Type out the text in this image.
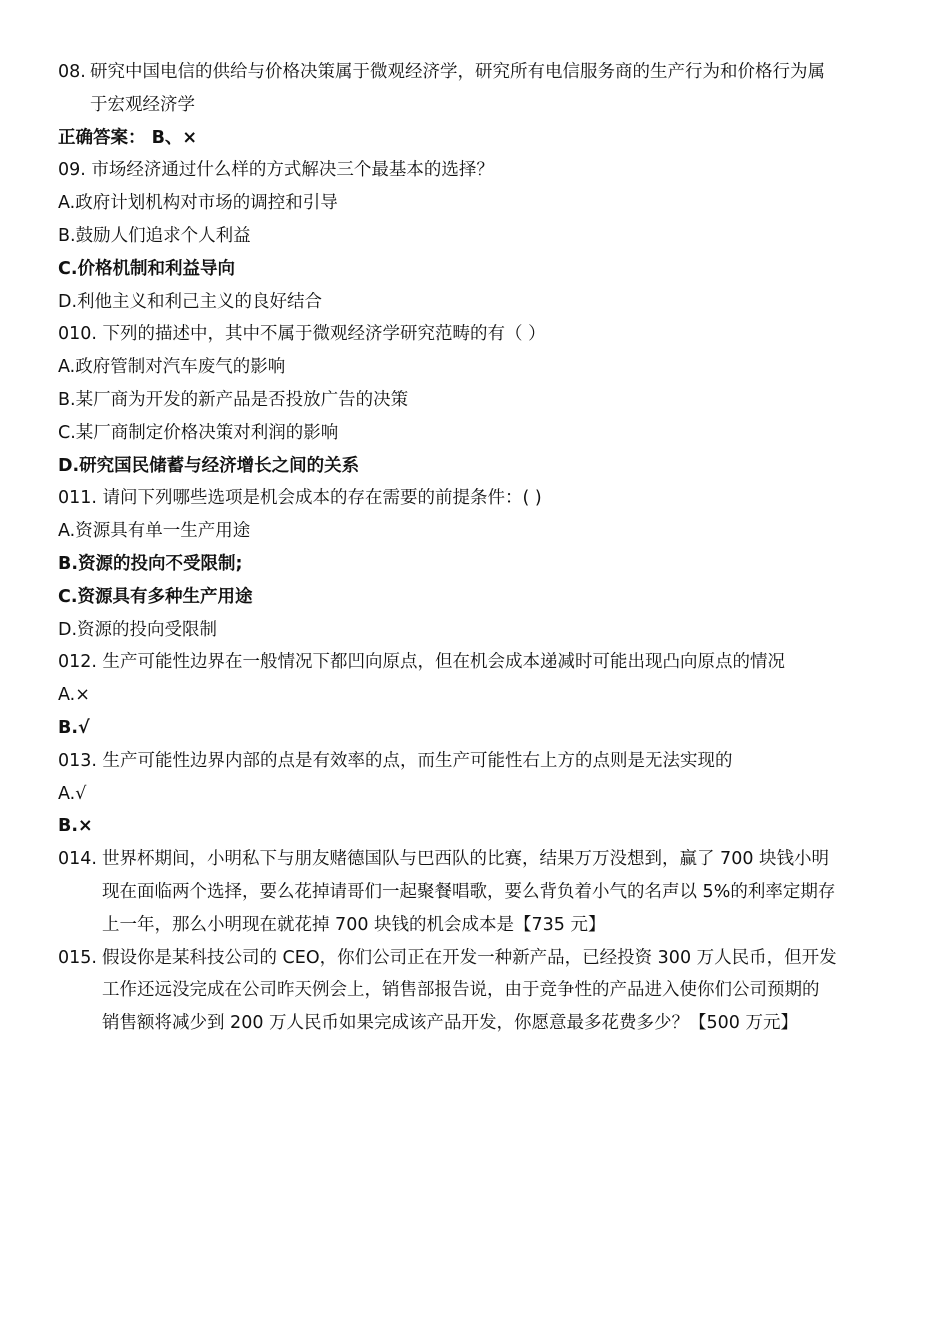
08. 研究中国电信的供给与价格决策属于微观经济学，研究所有电信服务商的生产行为和价格行为属
于宏观经济学
正确答案： B、×
09. 市场经济通过什么样的方式解决三个最基本的选择？
A.政府计划机构对市场的调控和引导
B.鼓励人们追求个人利益
C.价格机制和利益导向
D.利他主义和利己主义的良好结合
010. 下列的描述中，其中不属于微观经济学研究范畴的有（ ）
A.政府管制对汽车废气的影响
B.某厂商为开发的新产品是否投放广告的决策
C.某厂商制定价格决策对利润的影响
D.研究国民储蓄与经济增长之间的关系
011. 请问下列哪些选项是机会成本的存在需要的前提条件：( )
A.资源具有单一生产用途
B.资源的投向不受限制;
C.资源具有多种生产用途
D.资源的投向受限制
012. 生产可能性边界在一般情况下都凹向原点，但在机会成本递减时可能出现凸向原点的情况
A.×
B.√
013. 生产可能性边界内部的点是有效率的点，而生产可能性右上方的点则是无法实现的
A.√
B.×
014. 世界杯期间，小明私下与朋友赌德国队与巴西队的比赛，结果万万没想到，赢了 700 块钱小明
现在面临两个选择，要么花掉请哥们一起聚餐唱歌，要么背负着小气的名声以 5%的利率定期存
上一年，那么小明现在就花掉 700 块钱的机会成本是【735 元】
015. 假设你是某科技公司的 CEO，你们公司正在开发一种新产品，已经投资 300 万人民币，但开发
工作还远没完成在公司昨天例会上，销售部报告说，由于竞争性的产品进入使你们公司预期的
销售额将减少到 200 万人民币如果完成该产品开发，你愿意最多花费多少？【500 万元】
